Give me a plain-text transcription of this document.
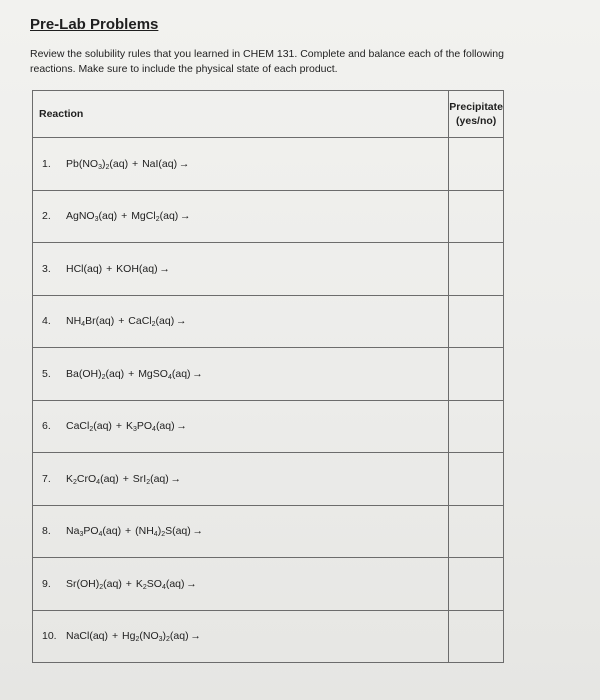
Pre-Lab Problems
Review the solubility rules that you learned in CHEM 131. Complete and balance each of the following
reactions. Make sure to include the physical state of each product.
Reaction	Precipitate
(yes/no)

1. $Pb(NO_3)_2(aq) + NaI(aq)$ →	
2. AgNO$_3$(aq) + MgCl$_2$(aq) →	
3. HCl(aq) + KOH(aq) →	
4. $NH_4Br(aq)$ + CaCl$_2$(aq) →	
5. $Ba(OH)_2(aq)$ + MgSO$_4$(aq) →	
6. CaCl$_2$(aq) + $K_3PO_4(aq)$ →	
7. $K_2CrO_4(aq) + SrI_2(aq)$ →	
8. $Na_3PO_4(aq) + (NH_4)_2S(aq)$ →	
9. $Sr(OH)_2(aq) + K_2SO_4(aq)$ →	
10. NaCl(aq) + $Hg_2(NO_3)_2(aq)$ →	
